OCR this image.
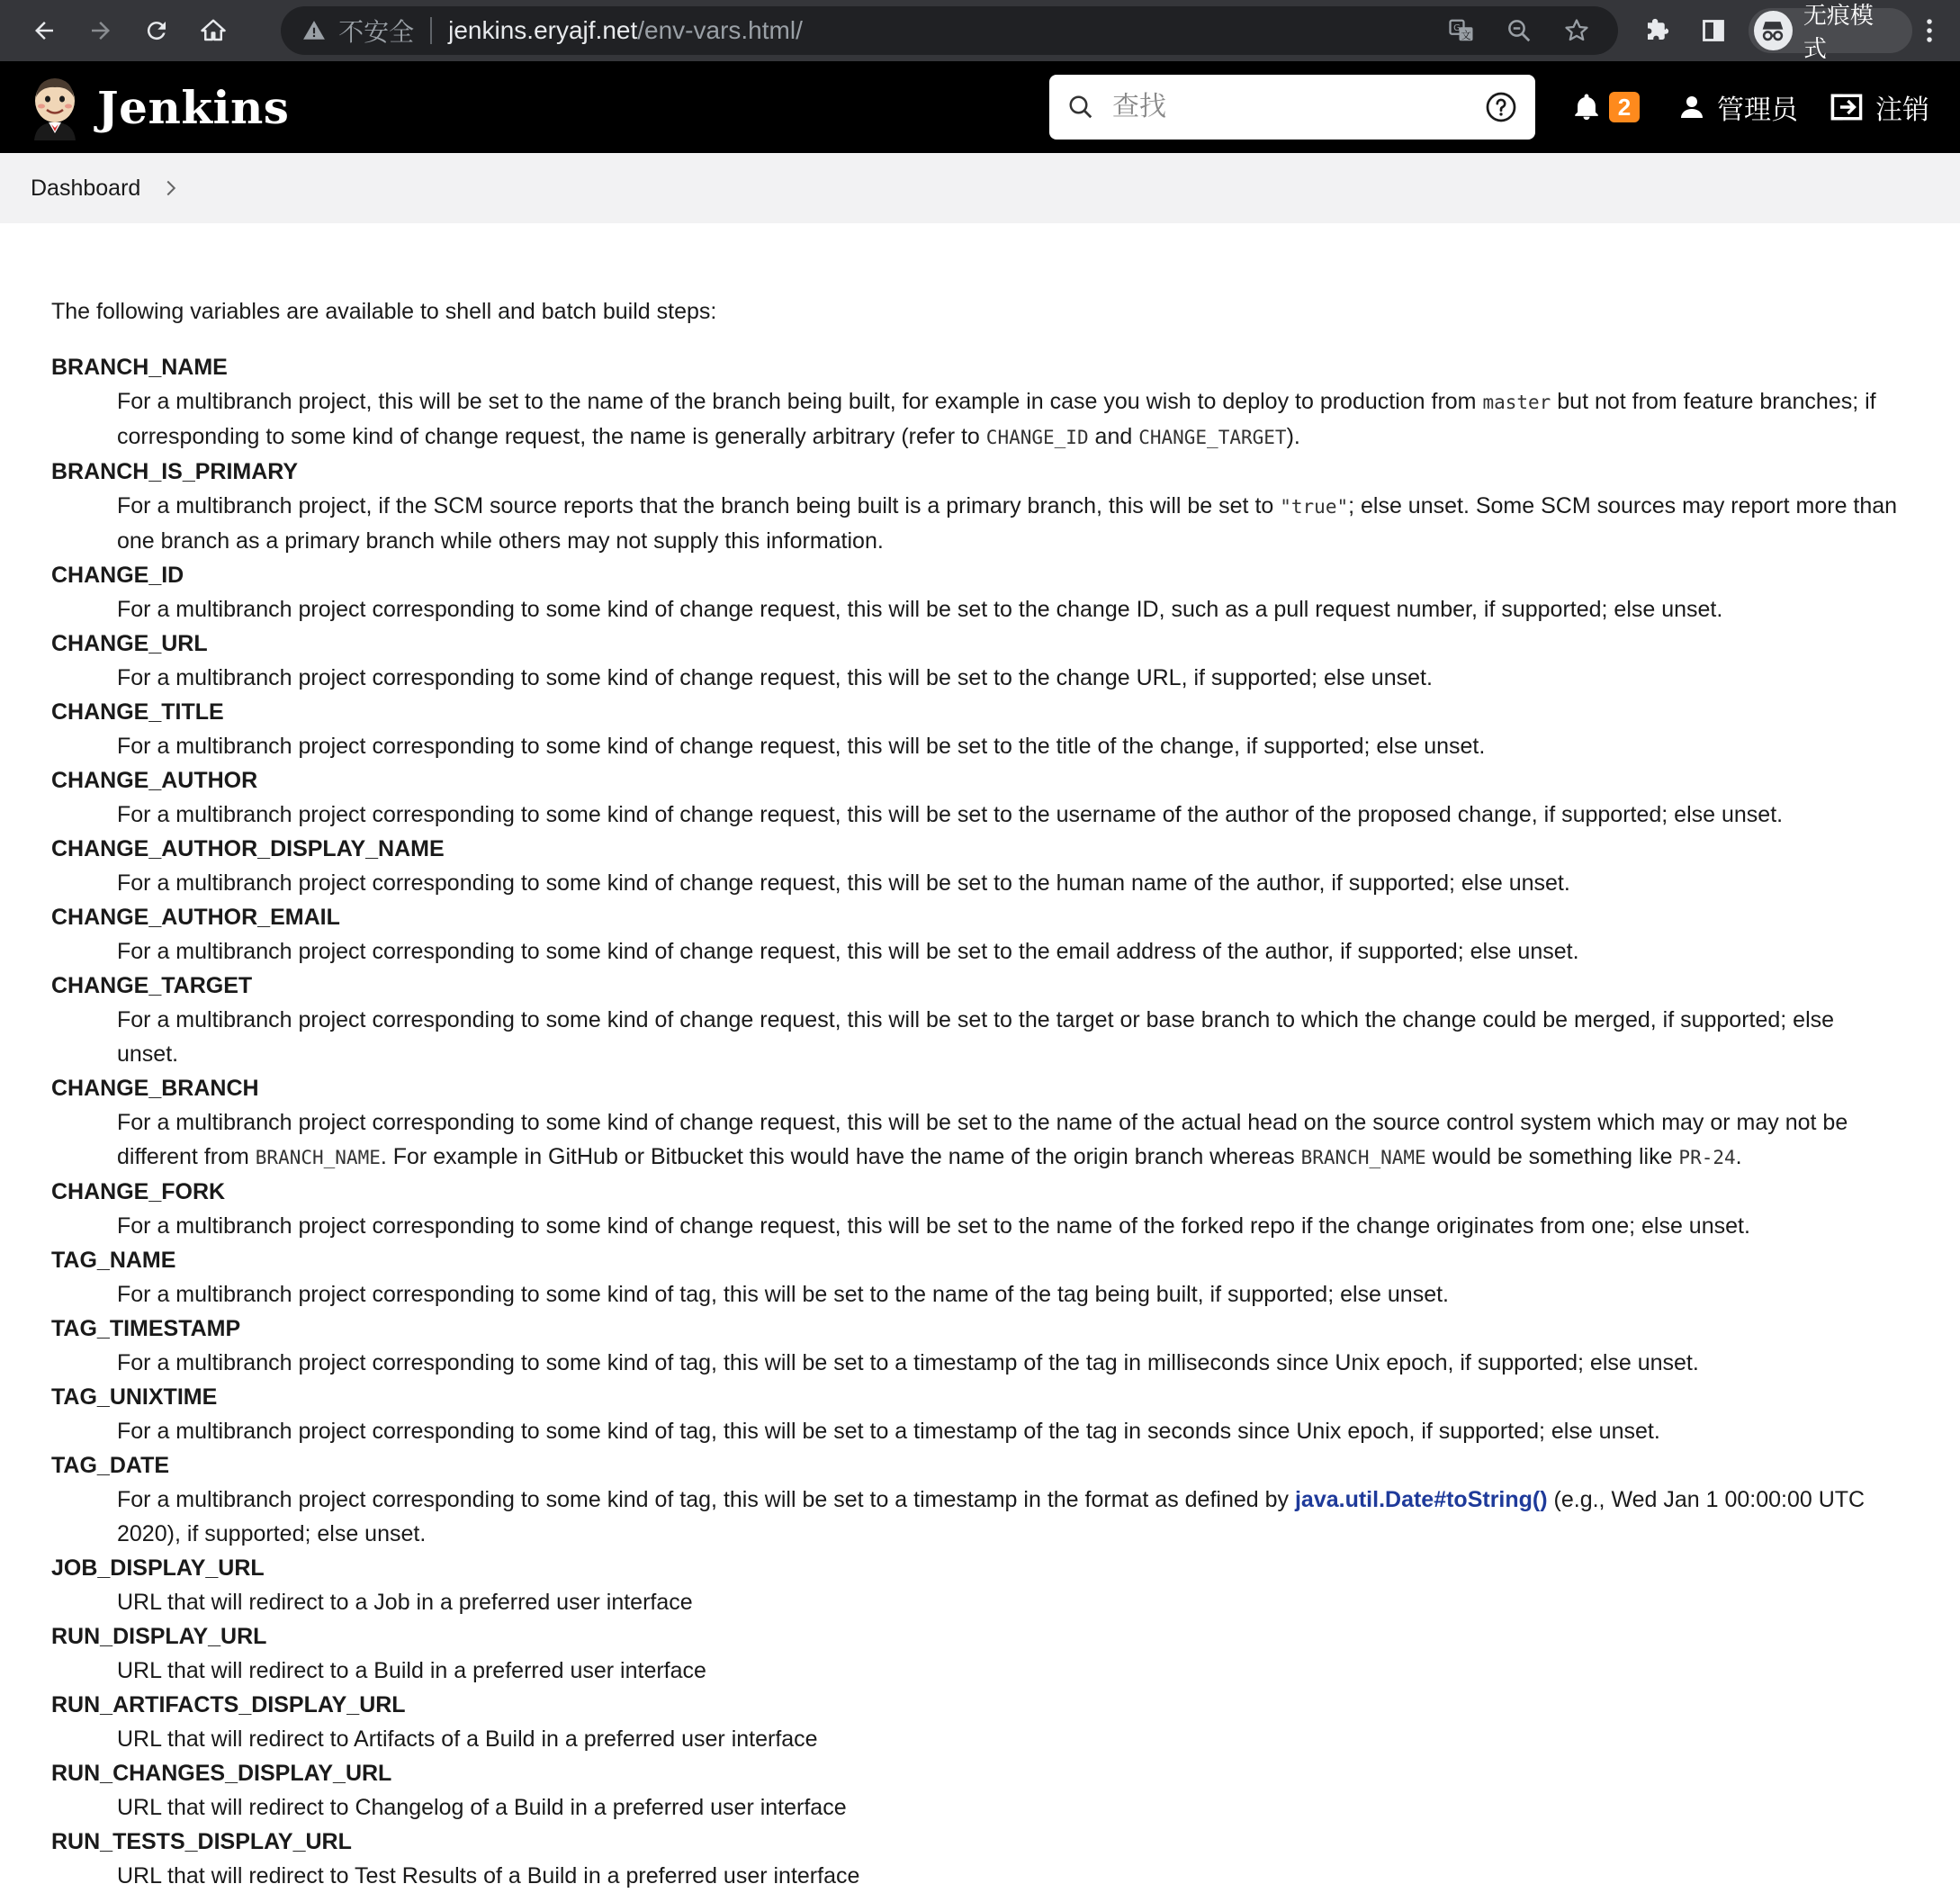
不安全 jenkins.eryajf.net /env-vars.html/	文
G	无痕模式
Jenkins
查找	2	管理员	注销
Dashboard

The following variables are available to shell and batch build steps:

BRANCH_NAME
For a multibranch project, this will be set to the name of the branch being built, for example in case you wish to deploy to production from master but not from feature branches; if corresponding to some kind of change request, the name is generally arbitrary (refer to CHANGE_ID and CHANGE_TARGET).
BRANCH_IS_PRIMARY
For a multibranch project, if the SCM source reports that the branch being built is a primary branch, this will be set to "true"; else unset. Some SCM sources may report more than one branch as a primary branch while others may not supply this information.
CHANGE_ID
For a multibranch project corresponding to some kind of change request, this will be set to the change ID, such as a pull request number, if supported; else unset.
CHANGE_URL
For a multibranch project corresponding to some kind of change request, this will be set to the change URL, if supported; else unset.
CHANGE_TITLE
For a multibranch project corresponding to some kind of change request, this will be set to the title of the change, if supported; else unset.
CHANGE_AUTHOR
For a multibranch project corresponding to some kind of change request, this will be set to the username of the author of the proposed change, if supported; else unset.
CHANGE_AUTHOR_DISPLAY_NAME
For a multibranch project corresponding to some kind of change request, this will be set to the human name of the author, if supported; else unset.
CHANGE_AUTHOR_EMAIL
For a multibranch project corresponding to some kind of change request, this will be set to the email address of the author, if supported; else unset.
CHANGE_TARGET
For a multibranch project corresponding to some kind of change request, this will be set to the target or base branch to which the change could be merged, if supported; else unset.
CHANGE_BRANCH
For a multibranch project corresponding to some kind of change request, this will be set to the name of the actual head on the source control system which may or may not be different from BRANCH_NAME. For example in GitHub or Bitbucket this would have the name of the origin branch whereas BRANCH_NAME would be something like PR-24.
CHANGE_FORK
For a multibranch project corresponding to some kind of change request, this will be set to the name of the forked repo if the change originates from one; else unset.
TAG_NAME
For a multibranch project corresponding to some kind of tag, this will be set to the name of the tag being built, if supported; else unset.
TAG_TIMESTAMP
For a multibranch project corresponding to some kind of tag, this will be set to a timestamp of the tag in milliseconds since Unix epoch, if supported; else unset.
TAG_UNIXTIME
For a multibranch project corresponding to some kind of tag, this will be set to a timestamp of the tag in seconds since Unix epoch, if supported; else unset.
TAG_DATE
For a multibranch project corresponding to some kind of tag, this will be set to a timestamp in the format as defined by java.util.Date#toString() (e.g., Wed Jan 1 00:00:00 UTC 2020), if supported; else unset.
JOB_DISPLAY_URL
URL that will redirect to a Job in a preferred user interface
RUN_DISPLAY_URL
URL that will redirect to a Build in a preferred user interface
RUN_ARTIFACTS_DISPLAY_URL
URL that will redirect to Artifacts of a Build in a preferred user interface
RUN_CHANGES_DISPLAY_URL
URL that will redirect to Changelog of a Build in a preferred user interface
RUN_TESTS_DISPLAY_URL
URL that will redirect to Test Results of a Build in a preferred user interface
